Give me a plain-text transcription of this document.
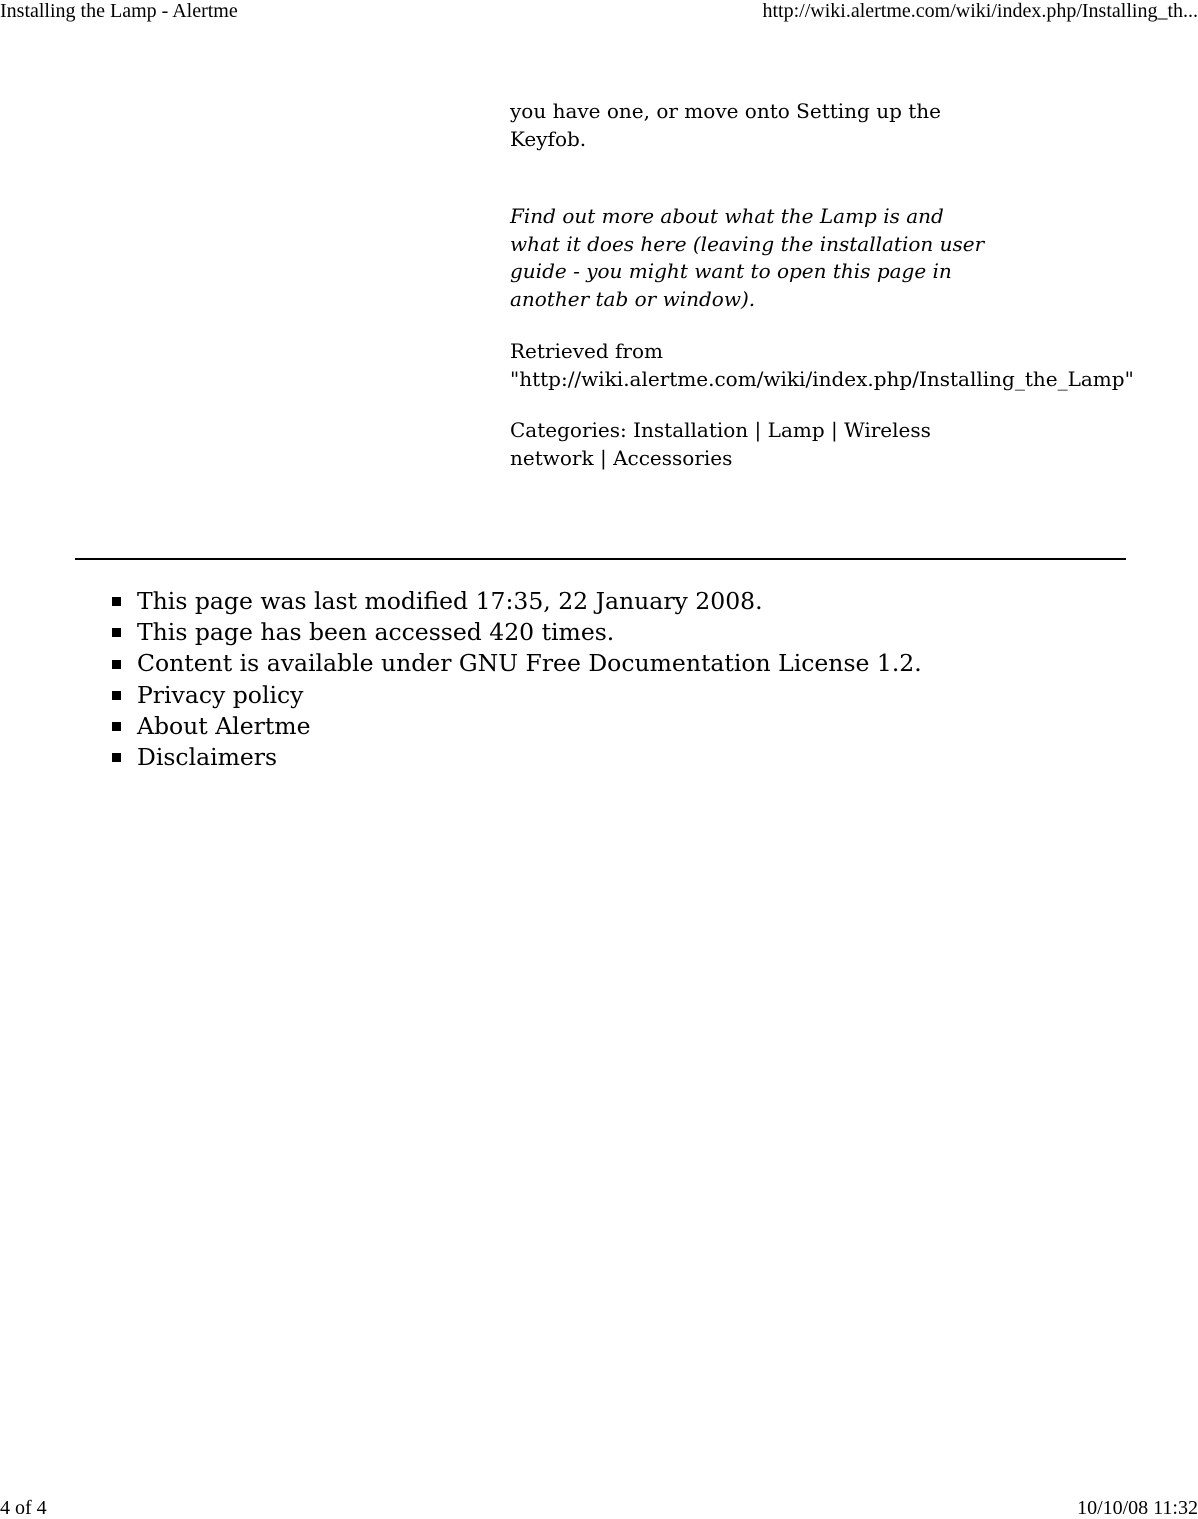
Installing the Lamp - Alertme	http://wiki.alertme.com/wiki/index.php/Installing_th...

you have one, or move onto Setting up the Keyfob.

Find out more about what the Lamp is and what it does here (leaving the installation user guide - you might want to open this page in another tab or window).

Retrieved from "http://wiki.alertme.com/wiki/index.php/Installing_the_Lamp"

Categories: Installation | Lamp | Wireless network | Accessories

This page was last modified 17:35, 22 January 2008.
This page has been accessed 420 times.
Content is available under GNU Free Documentation License 1.2.
Privacy policy
About Alertme
Disclaimers
4 of 4	10/10/08 11:32
